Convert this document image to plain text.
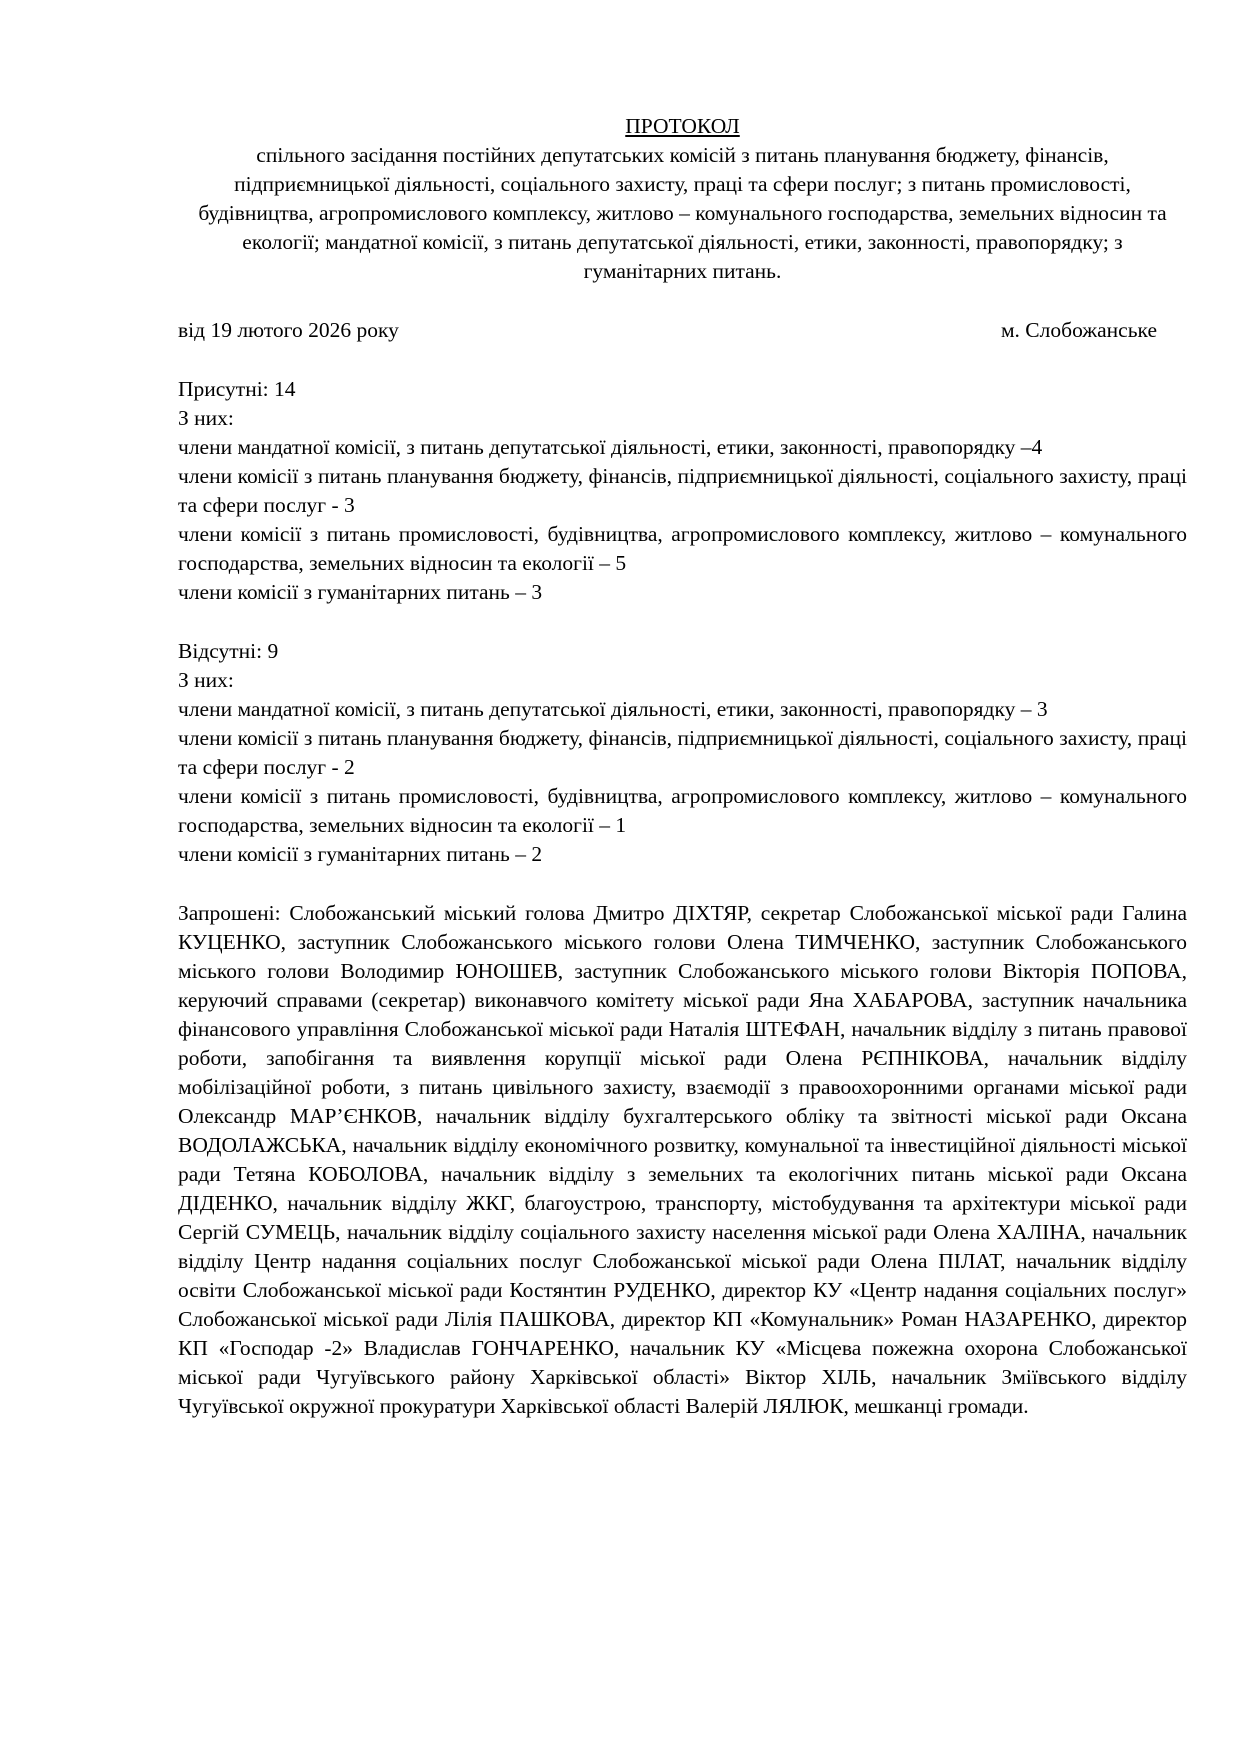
ПРОТОКОЛ

спільного засідання постійних депутатських комісій з питань планування бюджету, фінансів, підприємницької діяльності, соціального захисту, праці та сфери послуг; з питань промисловості, будівництва, агропромислового комплексу, житлово – комунального господарства, земельних відносин та екології; мандатної комісії, з питань депутатської діяльності, етики, законності, правопорядку; з гуманітарних питань.

від 19 лютого 2026 року	м. Слобожанське

Присутні: 14

З них:

члени мандатної комісії, з питань депутатської діяльності, етики, законності, правопорядку –4

члени комісії з питань планування бюджету, фінансів, підприємницької діяльності, соціального захисту, праці та сфери послуг - 3

члени комісії з питань промисловості, будівництва, агропромислового комплексу, житлово – комунального господарства, земельних відносин та екології – 5

члени комісії з гуманітарних питань – 3

Відсутні: 9

З них:

члени мандатної комісії, з питань депутатської діяльності, етики, законності, правопорядку – 3

члени комісії з питань планування бюджету, фінансів, підприємницької діяльності, соціального захисту, праці та сфери послуг - 2

члени комісії з питань промисловості, будівництва, агропромислового комплексу, житлово – комунального господарства, земельних відносин та екології – 1

члени комісії з гуманітарних питань – 2

Запрошені: Слобожанський міський голова Дмитро ДІХТЯР, секретар Слобожанської міської ради Галина КУЦЕНКО, заступник Слобожанського міського голови Олена ТИМЧЕНКО, заступник Слобожанського міського голови Володимир ЮНОШЕВ, заступник Слобожанського міського голови Вікторія ПОПОВА, керуючий справами (секретар) виконавчого комітету міської ради Яна ХАБАРОВА, заступник начальника фінансового управління Слобожанської міської ради Наталія ШТЕФАН, начальник відділу з питань правової роботи, запобігання та виявлення корупції міської ради Олена РЄПНІКОВА, начальник відділу мобілізаційної роботи, з питань цивільного захисту, взаємодії з правоохоронними органами міської ради Олександр МАР’ЄНКОВ, начальник відділу бухгалтерського обліку та звітності міської ради Оксана ВОДОЛАЖСЬКА, начальник відділу економічного розвитку, комунальної та інвестиційної діяльності міської ради Тетяна КОБОЛОВА, начальник відділу з земельних та екологічних питань міської ради Оксана ДІДЕНКО, начальник відділу ЖКГ, благоустрою, транспорту, містобудування та архітектури міської ради Сергій СУМЕЦЬ, начальник відділу соціального захисту населення міської ради Олена ХАЛІНА, начальник відділу Центр надання соціальних послуг Слобожанської міської ради Олена ПІЛАТ, начальник відділу освіти Слобожанської міської ради Костянтин РУДЕНКО, директор КУ «Центр надання соціальних послуг» Слобожанської міської ради Лілія ПАШКОВА, директор КП «Комунальник» Роман НАЗАРЕНКО, директор КП «Господар -2» Владислав ГОНЧАРЕНКО, начальник КУ «Місцева пожежна охорона Слобожанської міської ради Чугуївського району Харківської області» Віктор ХІЛЬ, начальник Зміївського відділу Чугуївської окружної прокуратури Харківської області Валерій ЛЯЛЮК, мешканці громади.
